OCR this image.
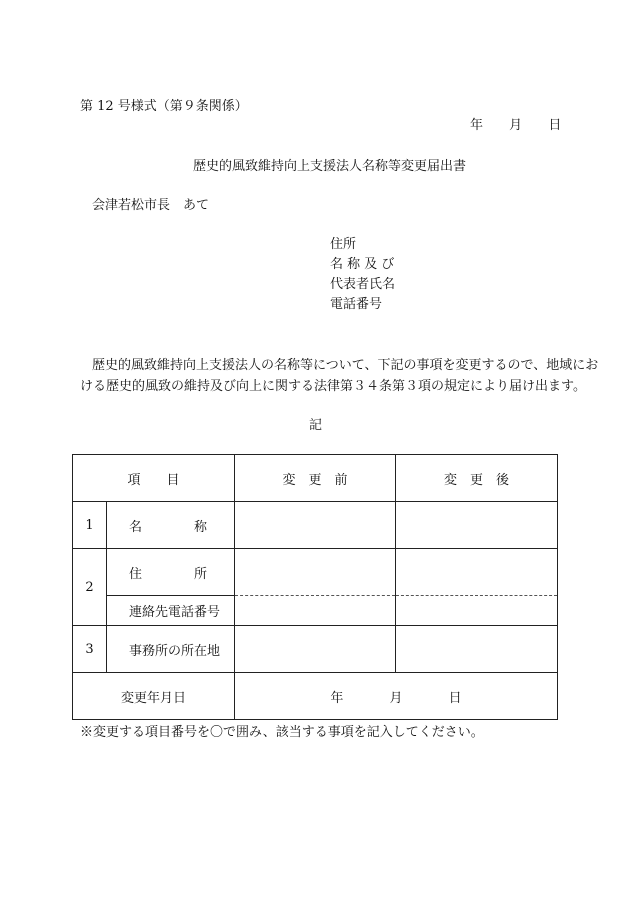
第 12 号様式（第９条関係）
年 月 日
歴史的風致維持向上支援法人名称等変更届出書
会津若松市長　あて
住所
名 称 及 び
代表者氏名
電話番号
歴史的風致維持向上支援法人の名称等について、下記の事項を変更するので、地域にお
ける歴史的風致の維持及び向上に関する法律第３４条第３項の規定により届け出ます。
記
項　　目		変　更　前	変　更　後
1	名　　　　称		
2	住　　　　所		
	連絡先電話番号		
3	事務所の所在地		
変更年月日		年 月 日	
※変更する項目番号を〇で囲み、該当する事項を記入してください。
